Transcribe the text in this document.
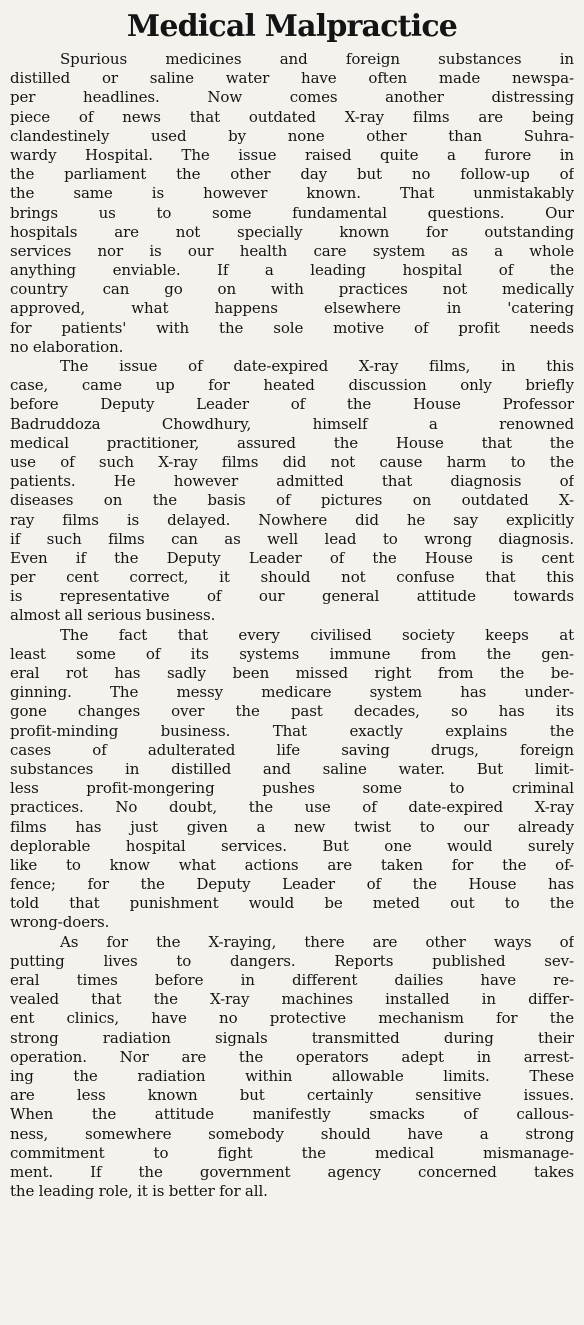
Medical Malpractice

Spurious medicines and foreign substances in
distilled or saline water have often made newspa-
per headlines. Now comes another distressing
piece of news that outdated X-ray films are being
clandestinely used by none other than Suhra-
wardy Hospital. The issue raised quite a furore in
the parliament the other day but no follow-up of
the same is however known. That unmistakably
brings us to some fundamental questions. Our
hospitals are not specially known for outstanding
services nor is our health care system as a whole
anything enviable. If a leading hospital of the
country can go on with practices not medically
approved, what happens elsewhere in 'catering
for patients' with the sole motive of profit needs
no elaboration.

The issue of date-expired X-ray films, in this
case, came up for heated discussion only briefly
before Deputy Leader of the House Professor
Badruddoza Chowdhury, himself a renowned
medical practitioner, assured the House that the
use of such X-ray films did not cause harm to the
patients. He however admitted that diagnosis of
diseases on the basis of pictures on outdated X-
ray films is delayed. Nowhere did he say explicitly
if such films can as well lead to wrong diagnosis.
Even if the Deputy Leader of the House is cent
per cent correct, it should not confuse that this
is representative of our general attitude towards
almost all serious business.

The fact that every civilised society keeps at
least some of its systems immune from the gen-
eral rot has sadly been missed right from the be-
ginning. The messy medicare system has under-
gone changes over the past decades, so has its
profit-minding business. That exactly explains the
cases of adulterated life saving drugs, foreign
substances in distilled and saline water. But limit-
less profit-mongering pushes some to criminal
practices. No doubt, the use of date-expired X-ray
films has just given a new twist to our already
deplorable hospital services. But one would surely
like to know what actions are taken for the of-
fence; for the Deputy Leader of the House has
told that punishment would be meted out to the
wrong-doers.

As for the X-raying, there are other ways of
putting lives to dangers. Reports published sev-
eral times before in different dailies have re-
vealed that the X-ray machines installed in differ-
ent clinics, have no protective mechanism for the
strong radiation signals transmitted during their
operation. Nor are the operators adept in arrest-
ing the radiation within allowable limits. These
are less known but certainly sensitive issues.
When the attitude manifestly smacks of callous-
ness, somewhere somebody should have a strong
commitment to fight the medical mismanage-
ment. If the government agency concerned takes
the leading role, it is better for all.
